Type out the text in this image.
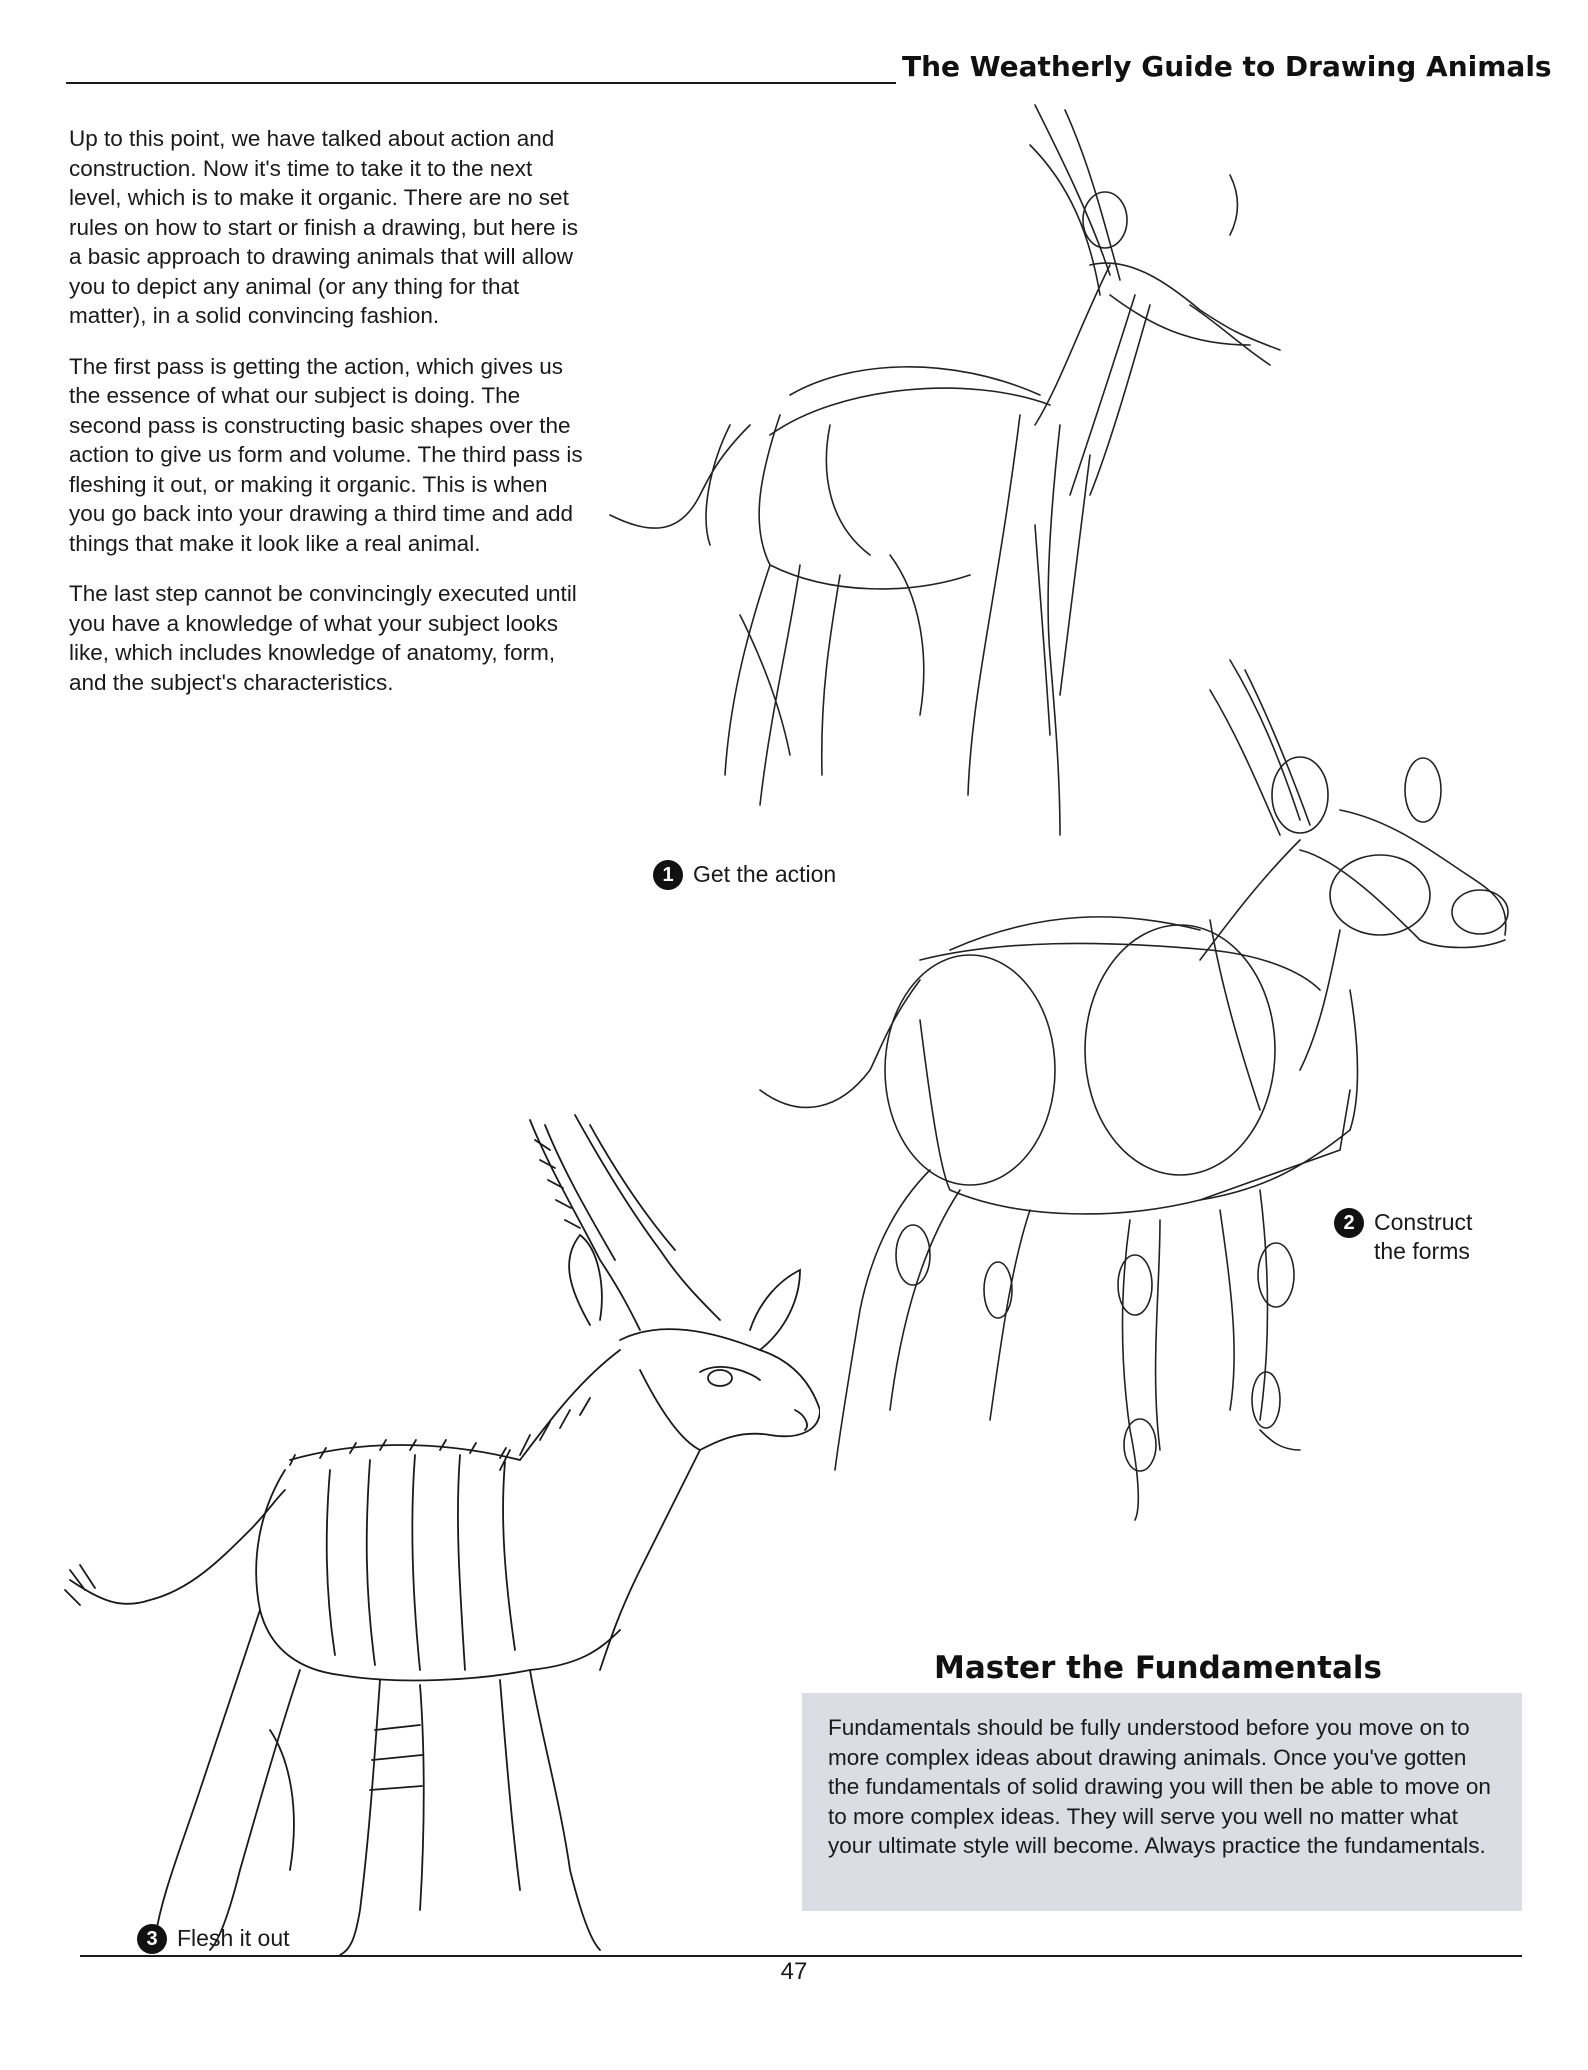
The Weatherly Guide to Drawing Animals

Up to this point, we have talked about action and construction. Now it's time to take it to the next level, which is to make it organic. There are no set rules on how to start or finish a drawing, but here is a basic approach to drawing animals that will allow you to depict any animal (or any thing for that matter), in a solid convincing fashion.

The first pass is getting the action, which gives us the essence of what our subject is doing. The second pass is constructing basic shapes over the action to give us form and volume. The third pass is fleshing it out, or making it organic. This is when you go back into your drawing a third time and add things that make it look like a real animal.

The last step cannot be convincingly executed until you have a knowledge of what your subject looks like, which includes knowledge of anatomy, form, and the subject's characteristics.

1 Get the action
2 Construct the forms
3 Flesh it out
Master the Fundamentals
Fundamentals should be fully understood before you move on to more complex ideas about drawing animals. Once you've gotten the fundamentals of solid drawing you will then be able to move on to more complex ideas. They will serve you well no matter what your ultimate style will become. Always practice the fundamentals.
47
